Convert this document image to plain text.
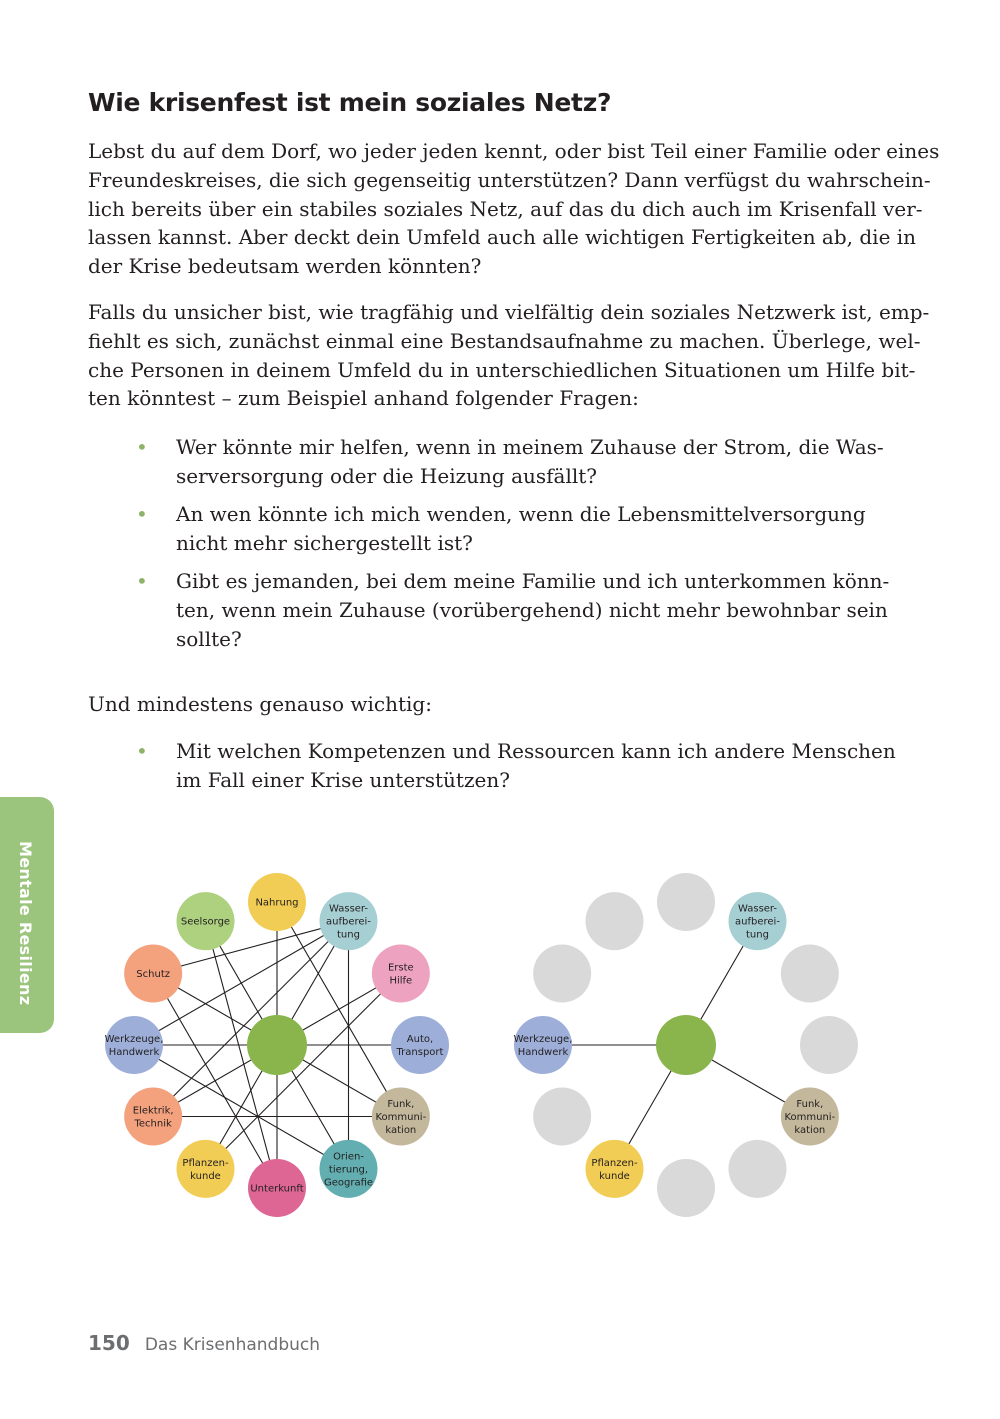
Wie krisenfest ist mein soziales Netz?

Lebst du auf dem Dorf, wo jeder jeden kennt, oder bist Teil einer Familie oder eines
Freundeskreises, die sich gegenseitig unterstützen? Dann verfügst du wahrschein-
lich bereits über ein stabiles soziales Netz, auf das du dich auch im Krisenfall ver-
lassen kannst. Aber deckt dein Umfeld auch alle wichtigen Fertigkeiten ab, die in
der Krise bedeutsam werden könnten?

Falls du unsicher bist, wie tragfähig und vielfältig dein soziales Netzwerk ist, emp-
fiehlt es sich, zunächst einmal eine Bestandsaufnahme zu machen. Überlege, wel-
che Personen in deinem Umfeld du in unterschiedlichen Situationen um Hilfe bit-
ten könntest – zum Beispiel anhand folgender Fragen:

• Wer könnte mir helfen, wenn in meinem Zuhause der Strom, die Was-
serversorgung oder die Heizung ausfällt?
• An wen könnte ich mich wenden, wenn die Lebensmittelversorgung
nicht mehr sichergestellt ist?
• Gibt es jemanden, bei dem meine Familie und ich unterkommen könn-
ten, wenn mein Zuhause (vorübergehend) nicht mehr bewohnbar sein
sollte?

Und mindestens genauso wichtig:

• Mit welchen Kompetenzen und Ressourcen kann ich andere Menschen
im Fall einer Krise unterstützen?
Mentale Resilienz	Nahrung
Wasser-
aufberei-
tung
Erste
Hilfe
Auto,
Transport
Funk,
Kommuni-
kation
Orien-
tierung,
Geografie
Unterkunft
Pflanzen-
kunde
Elektrik,
Technik
Werkzeuge,
Handwerk
Schutz
Seelsorge
Wasser-
aufberei-
tung
Funk,
Kommuni-
kation
Pflanzen-
kunde
Werkzeuge,
Handwerk
150 Das Krisenhandbuch
